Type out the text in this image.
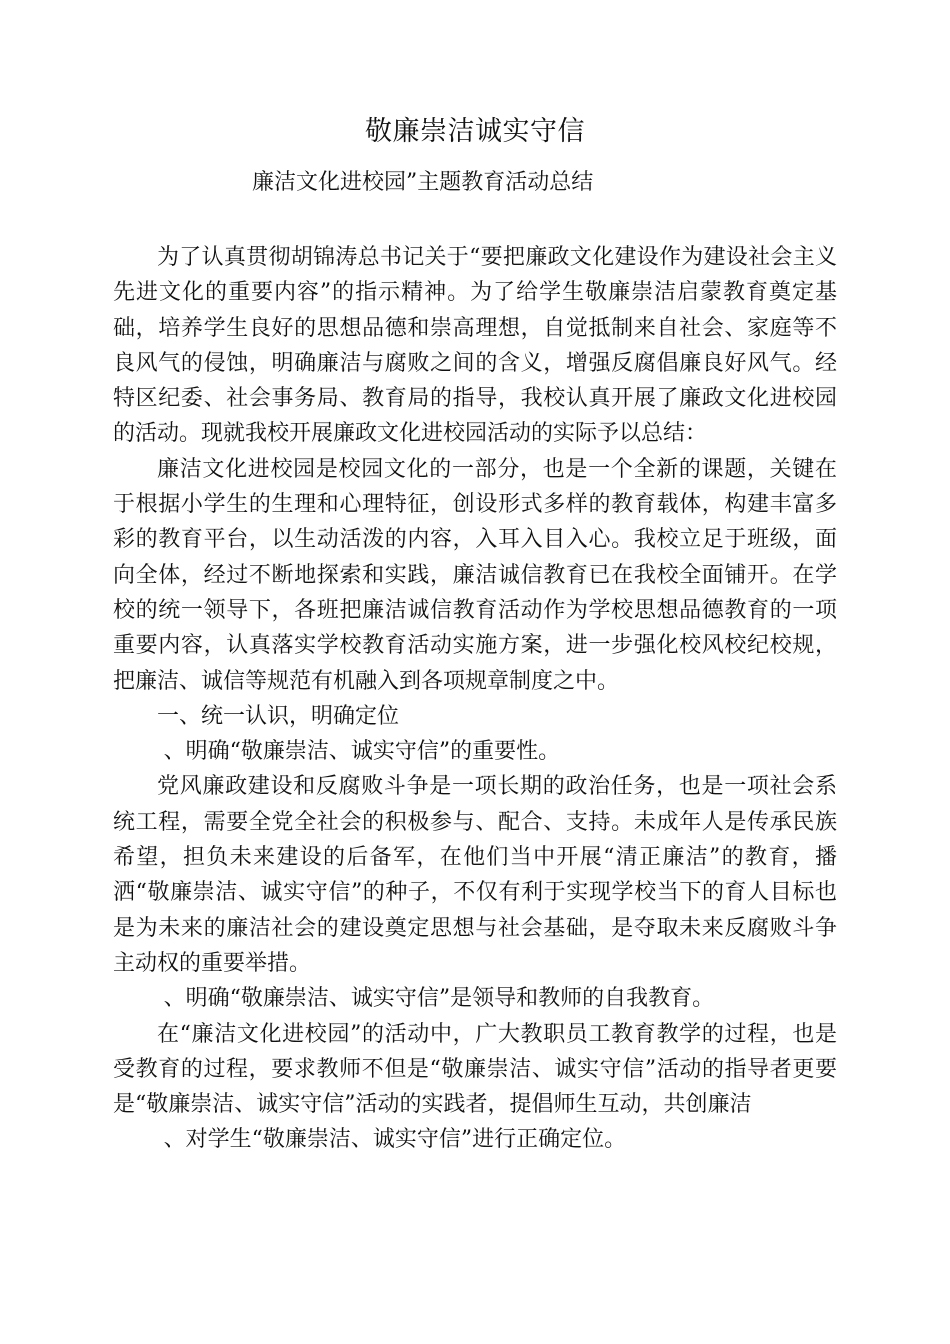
敬廉崇洁诚实守信
廉洁文化进校园”主题教育活动总结

为了认真贯彻胡锦涛总书记关于“要把廉政文化建设作为建设社会主义先进文化的重要内容”的指示精神。为了给学生敬廉崇洁启蒙教育奠定基础，培养学生良好的思想品德和崇高理想，自觉抵制来自社会、家庭等不良风气的侵蚀，明确廉洁与腐败之间的含义，增强反腐倡廉良好风气。经特区纪委、社会事务局、教育局的指导，我校认真开展了廉政文化进校园的活动。现就我校开展廉政文化进校园活动的实际予以总结：

廉洁文化进校园是校园文化的一部分，也是一个全新的课题，关键在于根据小学生的生理和心理特征，创设形式多样的教育载体，构建丰富多彩的教育平台，以生动活泼的内容，入耳入目入心。我校立足于班级，面向全体，经过不断地探索和实践，廉洁诚信教育已在我校全面铺开。在学校的统一领导下，各班把廉洁诚信教育活动作为学校思想品德教育的一项重要内容，认真落实学校教育活动实施方案，进一步强化校风校纪校规，把廉洁、诚信等规范有机融入到各项规章制度之中。

一、统一认识，明确定位

、明确“敬廉崇洁、诚实守信”的重要性。

党风廉政建设和反腐败斗争是一项长期的政治任务，也是一项社会系统工程，需要全党全社会的积极参与、配合、支持。未成年人是传承民族希望，担负未来建设的后备军，在他们当中开展“清正廉洁”的教育，播洒“敬廉崇洁、诚实守信”的种子，不仅有利于实现学校当下的育人目标也是为未来的廉洁社会的建设奠定思想与社会基础，是夺取未来反腐败斗争主动权的重要举措。

、明确“敬廉崇洁、诚实守信”是领导和教师的自我教育。

在“廉洁文化进校园”的活动中，广大教职员工教育教学的过程，也是受教育的过程，要求教师不但是“敬廉崇洁、诚实守信”活动的指导者更要是“敬廉崇洁、诚实守信”活动的实践者，提倡师生互动，共创廉洁

、对学生“敬廉崇洁、诚实守信”进行正确定位。
